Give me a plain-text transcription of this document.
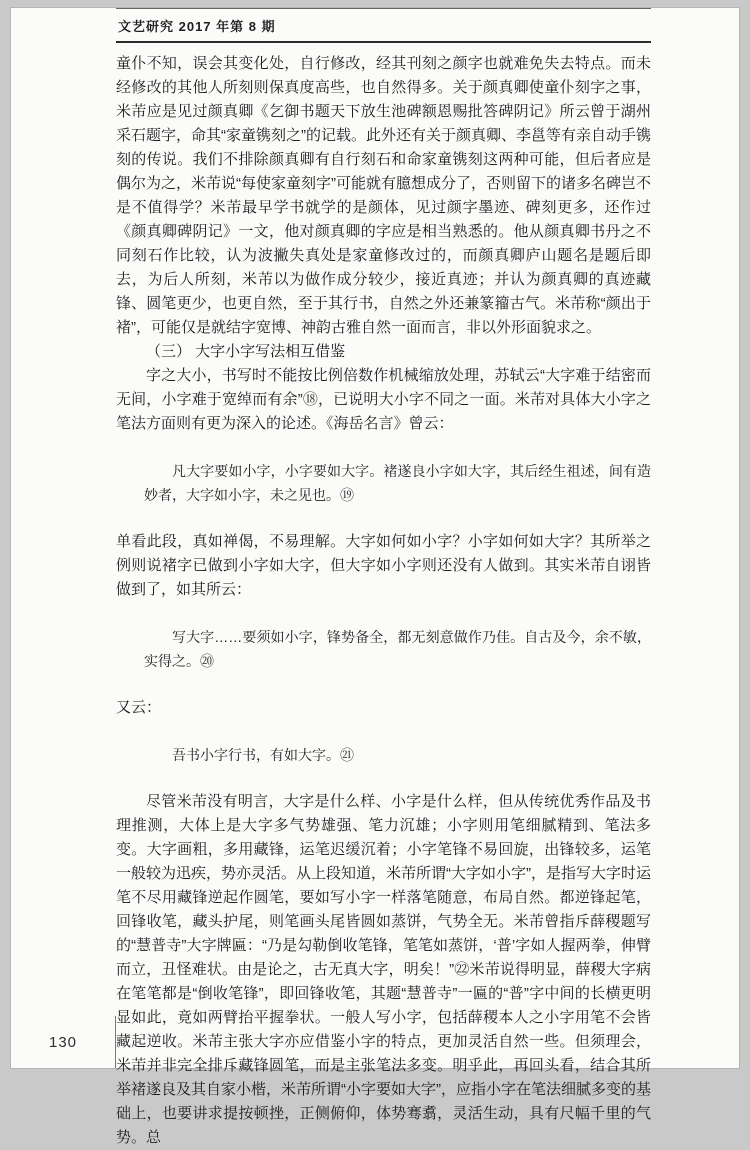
文艺研究 2017 年第 8 期

童仆不知，误会其变化处，自行修改，经其刊刻之颜字也就难免失去特点。而未经修改的其他人所刻则保真度高些，也自然得多。关于颜真卿使童仆刻字之事，米芾应是见过颜真卿《乞御书题天下放生池碑额恩赐批答碑阴记》所云曾于湖州采石题字，命其“家童镌刻之”的记载。此外还有关于颜真卿、李邕等有亲自动手镌刻的传说。我们不排除颜真卿有自行刻石和命家童镌刻这两种可能，但后者应是偶尔为之，米芾说“每使家童刻字”可能就有臆想成分了，否则留下的诸多名碑岂不是不值得学？米芾最早学书就学的是颜体，见过颜字墨迹、碑刻更多，还作过《颜真卿碑阴记》一文，他对颜真卿的字应是相当熟悉的。他从颜真卿书丹之不同刻石作比较，认为波撇失真处是家童修改过的，而颜真卿庐山题名是题后即去，为后人所刻，米芾以为做作成分较少，接近真迹；并认为颜真卿的真迹藏锋、圆笔更少，也更自然，至于其行书，自然之外还兼篆籀古气。米芾称“颜出于褚”，可能仅是就结字宽博、神韵古雅自然一面而言，非以外形面貌求之。

（三） 大字小字写法相互借鉴

字之大小，书写时不能按比例倍数作机械缩放处理，苏轼云“大字难于结密而无间，小字难于宽绰而有余”⑱，已说明大小字不同之一面。米芾对具体大小字之笔法方面则有更为深入的论述。《海岳名言》曾云：

凡大字要如小字，小字要如大字。褚遂良小字如大字，其后经生祖述，间有造妙者，大字如小字，未之见也。⑲

单看此段，真如禅偈，不易理解。大字如何如小字？小字如何如大字？其所举之例则说褚字已做到小字如大字，但大字如小字则还没有人做到。其实米芾自诩皆做到了，如其所云：

写大字……要须如小字，锋势备全，都无刻意做作乃佳。自古及今，余不敏，实得之。⑳

又云：

吾书小字行书，有如大字。㉑

尽管米芾没有明言，大字是什么样、小字是什么样，但从传统优秀作品及书理推测，大体上是大字多气势雄强、笔力沉雄；小字则用笔细腻精到、笔法多变。大字画粗，多用藏锋，运笔迟缓沉着；小字笔锋不易回旋，出锋较多，运笔一般较为迅疾，势亦灵活。从上段知道，米芾所谓“大字如小字”，是指写大字时运笔不尽用藏锋逆起作圆笔，要如写小字一样落笔随意，布局自然。都逆锋起笔，回锋收笔，藏头护尾，则笔画头尾皆圆如蒸饼，气势全无。米芾曾指斥薛稷题写的“慧普寺”大字牌匾：“乃是勾勒倒收笔锋，笔笔如蒸饼，‘普’字如人握两拳，伸臂而立，丑怪难状。由是论之，古无真大字，明矣！”㉒米芾说得明显，薛稷大字病在笔笔都是“倒收笔锋”，即回锋收笔，其题“慧普寺”一匾的“普”字中间的长横更明显如此，竟如两臂抬平握拳状。一般人写小字，包括薛稷本人之小字用笔不会皆藏起逆收。米芾主张大字亦应借鉴小字的特点，更加灵活自然一些。但须理会，米芾并非完全排斥藏锋圆笔，而是主张笔法多变。明乎此，再回头看，结合其所举褚遂良及其自家小楷，米芾所谓“小字要如大字”，应指小字在笔法细腻多变的基础上，也要讲求提按顿挫，正侧俯仰，体势骞翥，灵活生动，具有尺幅千里的气势。总

130
